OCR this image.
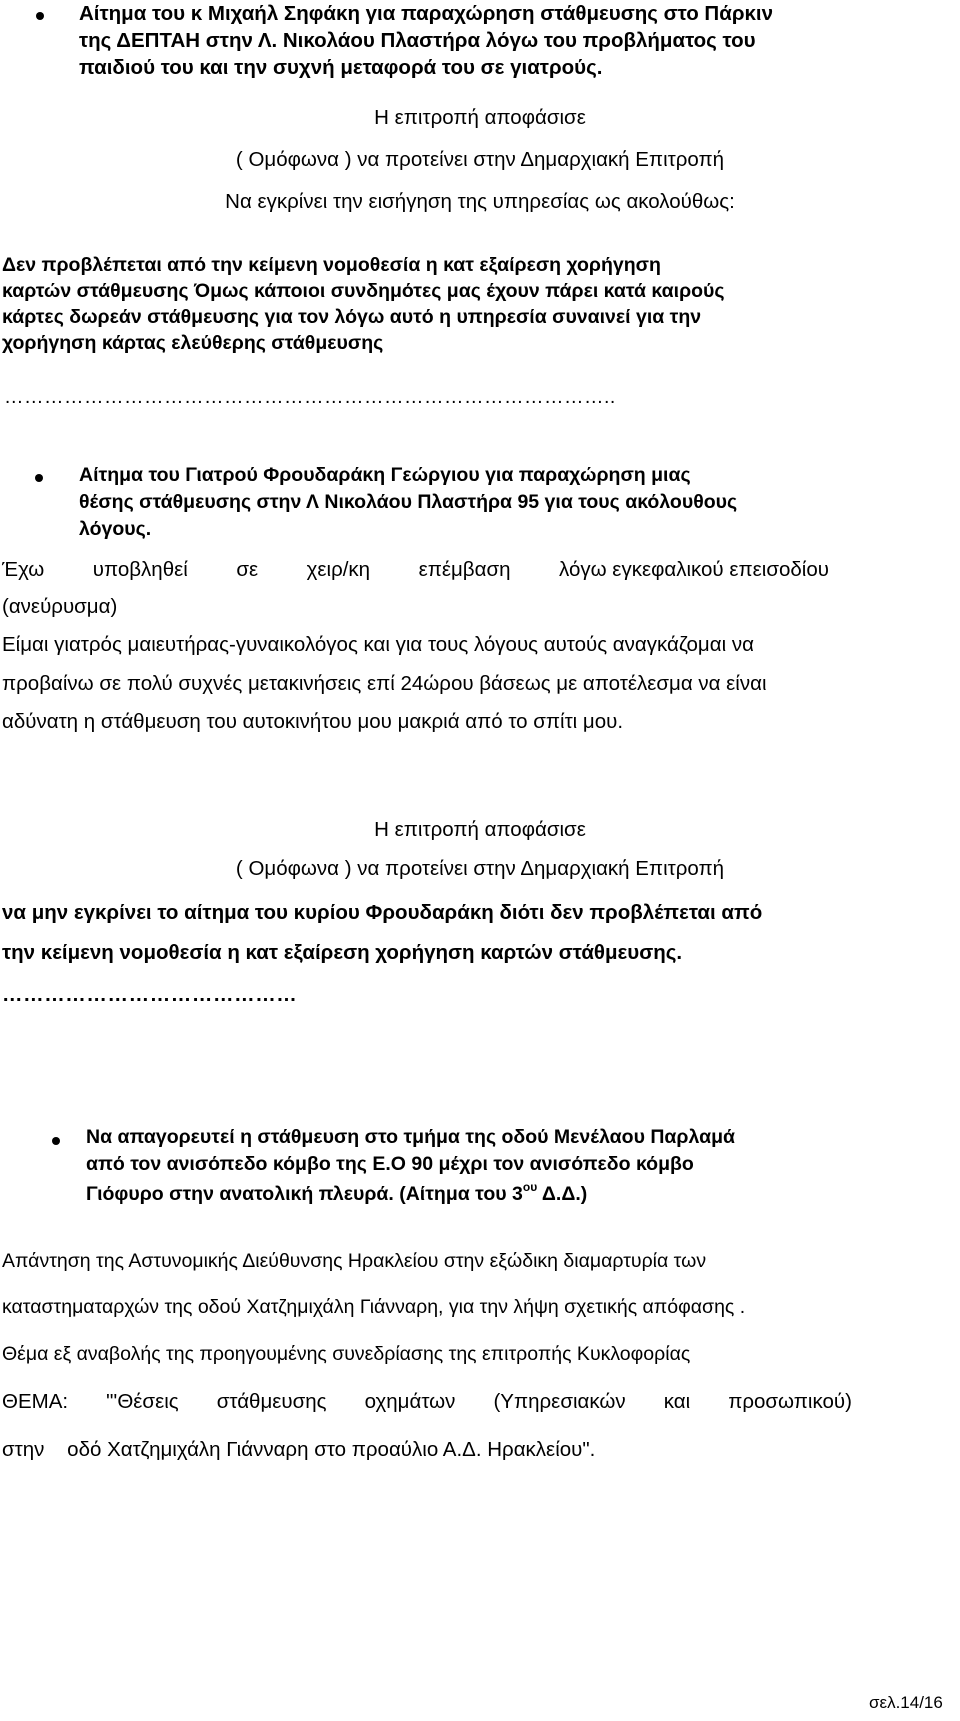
Αίτημα του κ Μιχαήλ Σηφάκη για παραχώρηση στάθμευσης στο Πάρκιν
της ΔΕΠΤΑΗ στην Λ. Νικολάου Πλαστήρα λόγω του προβλήματος του
παιδιού του και την συχνή μεταφορά του σε γιατρούς.
Η επιτροπή αποφάσισε
( Ομόφωνα ) να προτείνει στην Δημαρχιακή Επιτροπή
Να εγκρίνει την εισήγηση της υπηρεσίας ως ακολούθως:
Δεν προβλέπεται από την κείμενη νομοθεσία η κατ εξαίρεση χορήγηση
καρτών στάθμευσης Όμως κάποιοι συνδημότες μας έχουν πάρει κατά καιρούς
κάρτες δωρεάν στάθμευσης για τον λόγω αυτό η υπηρεσία συναινεί για την
χορήγηση κάρτας ελεύθερης στάθμευσης
………………………………………………………………………………..
Αίτημα του Γιατρού Φρουδαράκη Γεώργιου για παραχώρηση μιας
θέσης στάθμευσης στην Λ Νικολάου Πλαστήρα 95 για τους ακόλουθους
λόγους.
Έχω υποβληθεί σε χειρ/κη επέμβαση λόγω εγκεφαλικού επεισοδίου
(ανεύρυσμα)
Είμαι γιατρός μαιευτήρας-γυναικολόγος και για τους λόγους αυτούς αναγκάζομαι να
προβαίνω σε πολύ συχνές μετακινήσεις επί 24ώρου βάσεως με αποτέλεσμα να είναι
αδύνατη η στάθμευση του αυτοκινήτου μου μακριά από το σπίτι μου.
Η επιτροπή αποφάσισε
( Ομόφωνα ) να προτείνει στην Δημαρχιακή Επιτροπή
να μην εγκρίνει το αίτημα του κυρίου Φρουδαράκη διότι δεν προβλέπεται από
την κείμενη νομοθεσία η κατ εξαίρεση χορήγηση καρτών στάθμευσης.
……………………………………
Να απαγορευτεί η στάθμευση στο τμήμα της οδού Μενέλαου Παρλαμά
από τον ανισόπεδο κόμβο της Ε.Ο 90 μέχρι τον ανισόπεδο κόμβο
Γιόφυρο στην ανατολική πλευρά. (Αίτημα του $3^{o\upsilon}$ Δ.Δ.)
Απάντηση της Αστυνομικής Διεύθυνσης Ηρακλείου στην εξώδικη διαμαρτυρία των
καταστηματαρχών της οδού Χατζημιχάλη Γιάνναρη, για την λήψη σχετικής απόφασης .
Θέμα εξ αναβολής της προηγουμένης συνεδρίασης της επιτροπής Κυκλοφορίας
ΘΕΜΑ: "'Θέσεις στάθμευσης οχημάτων (Υπηρεσιακών και προσωπικού)
στην    οδό Χατζημιχάλη Γιάνναρη στο προαύλιο Α.Δ. Ηρακλείου".
σελ.14/16
